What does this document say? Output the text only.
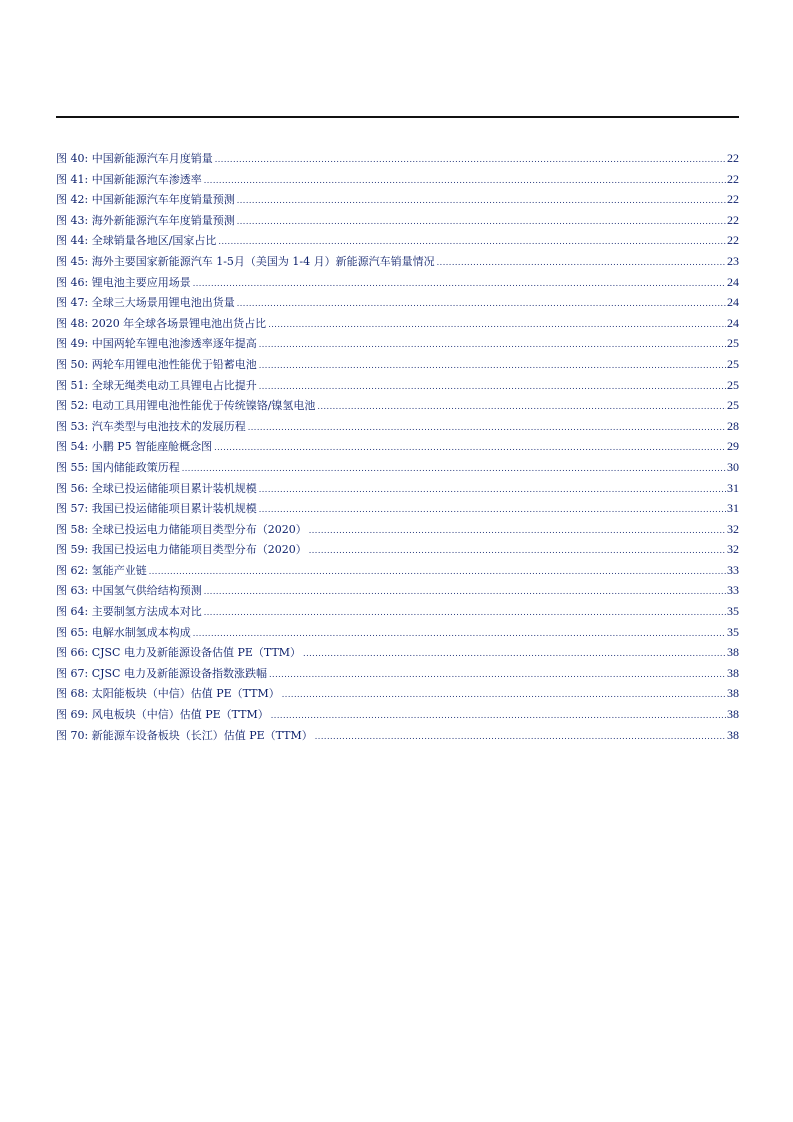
图 40: 中国新能源汽车月度销量 .....	22
图 41: 中国新能源汽车渗透率 .....	22
图 42: 中国新能源汽车年度销量预测 .....	22
图 43: 海外新能源汽车年度销量预测 .....	22
图 44: 全球销量各地区/国家占比 .....	22
图 45: 海外主要国家新能源汽车 1-5月（美国为 1-4 月）新能源汽车销量情况 .....	23
图 46: 锂电池主要应用场景 .....	24
图 47: 全球三大场景用锂电池出货量 .....	24
图 48: 2020 年全球各场景锂电池出货占比 .....	24
图 49: 中国两轮车锂电池渗透率逐年提高 .....	25
图 50: 两轮车用锂电池性能优于铅蓄电池 .....	25
图 51: 全球无绳类电动工具锂电占比提升 .....	25
图 52: 电动工具用锂电池性能优于传统镍铬/镍氢电池 .....	25
图 53: 汽车类型与电池技术的发展历程 .....	28
图 54: 小鹏 P5 智能座舱概念图 .....	29
图 55: 国内储能政策历程 .....	30
图 56: 全球已投运储能项目累计装机规模 .....	31
图 57: 我国已投运储能项目累计装机规模 .....	31
图 58: 全球已投运电力储能项目类型分布（2020） .....	32
图 59: 我国已投运电力储能项目类型分布（2020） .....	32
图 62: 氢能产业链 .....	33
图 63: 中国氢气供给结构预测 .....	33
图 64: 主要制氢方法成本对比 .....	35
图 65: 电解水制氢成本构成 .....	35
图 66: CJSC 电力及新能源设备估值 PE（TTM） .....	38
图 67: CJSC 电力及新能源设备指数涨跌幅 .....	38
图 68: 太阳能板块（中信）估值 PE（TTM） .....	38
图 69: 风电板块（中信）估值 PE（TTM） .....	38
图 70: 新能源车设备板块（长江）估值 PE（TTM） .....	38
